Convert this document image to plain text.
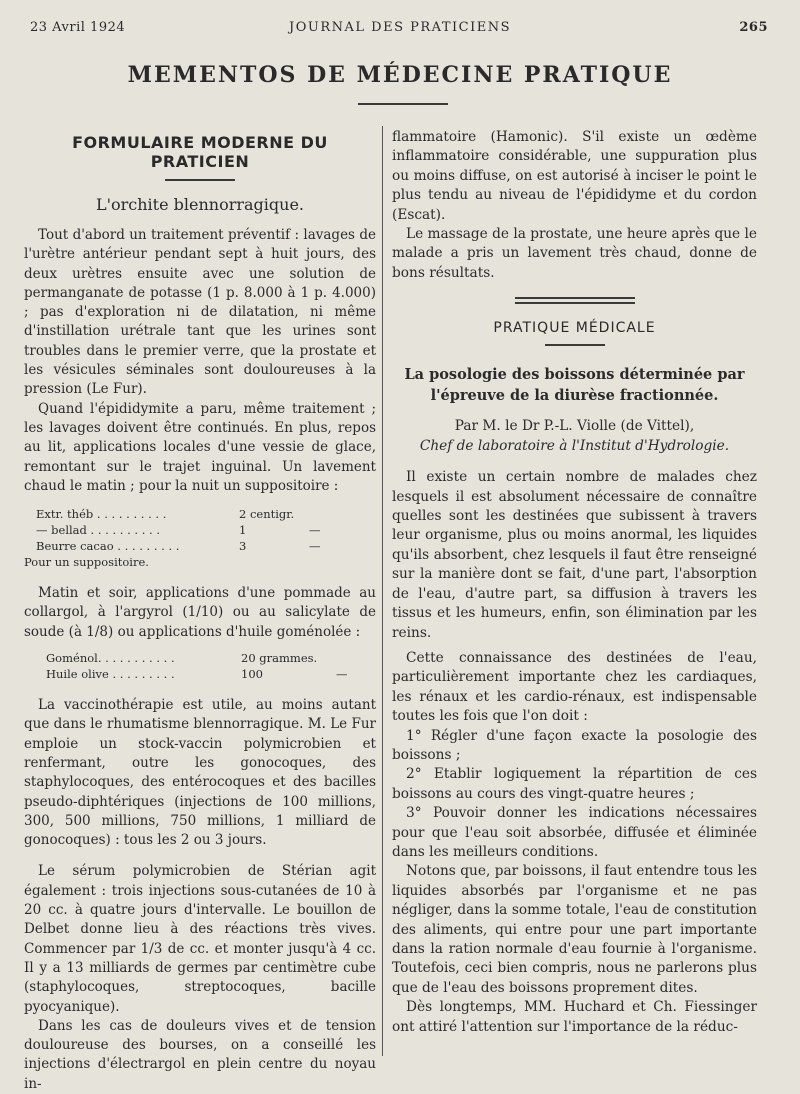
23 Avril 1924	JOURNAL DES PRATICIENS	265
MEMENTOS DE MÉDECINE PRATIQUE
FORMULAIRE MODERNE DU PRATICIEN
L'orchite blennorragique.

Tout d'abord un traitement préventif : lavages de l'urètre antérieur pendant sept à huit jours, des deux urètres ensuite avec une solution de permanganate de potasse (1 p. 8.000 à 1 p. 4.000) ; pas d'exploration ni de dilatation, ni même d'instillation urétrale tant que les urines sont troubles dans le premier verre, que la prostate et les vésicules séminales sont douloureuses à la pression (Le Fur).

Quand l'épididymite a paru, même traitement ; les lavages doivent être continués. En plus, repos au lit, applications locales d'une vessie de glace, remontant sur le trajet inguinal. Un lavement chaud le matin ; pour la nuit un suppositoire :

Extr. théb . . . . . . . . . .	2 centigr.	
— bellad . . . . . . . . . .	1	—
Beurre cacao . . . . . . . . .	3	—
Pour un suppositoire.

Matin et soir, applications d'une pommade au collargol, à l'argyrol (1/10) ou au salicylate de soude (à 1/8) ou applications d'huile goménolée :

Goménol. . . . . . . . . . .	20 grammes.	
Huile olive . . . . . . . . .	100	—

La vaccinothérapie est utile, au moins autant que dans le rhumatisme blennorragique. M. Le Fur emploie un stock-vaccin polymicrobien et renfermant, outre les gonocoques, des staphylocoques, des entérocoques et des bacilles pseudo-diphtériques (injections de 100 millions, 300, 500 millions, 750 millions, 1 milliard de gonocoques) : tous les 2 ou 3 jours.

Le sérum polymicrobien de Stérian agit également : trois injections sous-cutanées de 10 à 20 cc. à quatre jours d'intervalle. Le bouillon de Delbet donne lieu à des réactions très vives. Commencer par 1/3 de cc. et monter jusqu'à 4 cc. Il y a 13 milliards de germes par centimètre cube (staphylocoques, streptocoques, bacille pyocyanique).

Dans les cas de douleurs vives et de tension douloureuse des bourses, on a conseillé les injections d'électrargol en plein centre du noyau in-

flammatoire (Hamonic). S'il existe un œdème inflammatoire considérable, une suppuration plus ou moins diffuse, on est autorisé à inciser le point le plus tendu au niveau de l'épididyme et du cordon (Escat).

Le massage de la prostate, une heure après que le malade a pris un lavement très chaud, donne de bons résultats.

PRATIQUE MÉDICALE
La posologie des boissons déterminée par l'épreuve de la diurèse fractionnée.
Par M. le Dr P.-L. Violle (de Vittel),
Chef de laboratoire à l'Institut d'Hydrologie.

Il existe un certain nombre de malades chez lesquels il est absolument nécessaire de connaître quelles sont les destinées que subissent à travers leur organisme, plus ou moins anormal, les liquides qu'ils absorbent, chez lesquels il faut être renseigné sur la manière dont se fait, d'une part, l'absorption de l'eau, d'autre part, sa diffusion à travers les tissus et les humeurs, enfin, son élimination par les reins.

Cette connaissance des destinées de l'eau, particulièrement importante chez les cardiaques, les rénaux et les cardio-rénaux, est indispensable toutes les fois que l'on doit :

1° Régler d'une façon exacte la posologie des boissons ;

2° Etablir logiquement la répartition de ces boissons au cours des vingt-quatre heures ;

3° Pouvoir donner les indications nécessaires pour que l'eau soit absorbée, diffusée et éliminée dans les meilleurs conditions.

Notons que, par boissons, il faut entendre tous les liquides absorbés par l'organisme et ne pas négliger, dans la somme totale, l'eau de constitution des aliments, qui entre pour une part importante dans la ration normale d'eau fournie à l'organisme. Toutefois, ceci bien compris, nous ne parlerons plus que de l'eau des boissons proprement dites.

Dès longtemps, MM. Huchard et Ch. Fiessinger ont attiré l'attention sur l'importance de la réduc-
